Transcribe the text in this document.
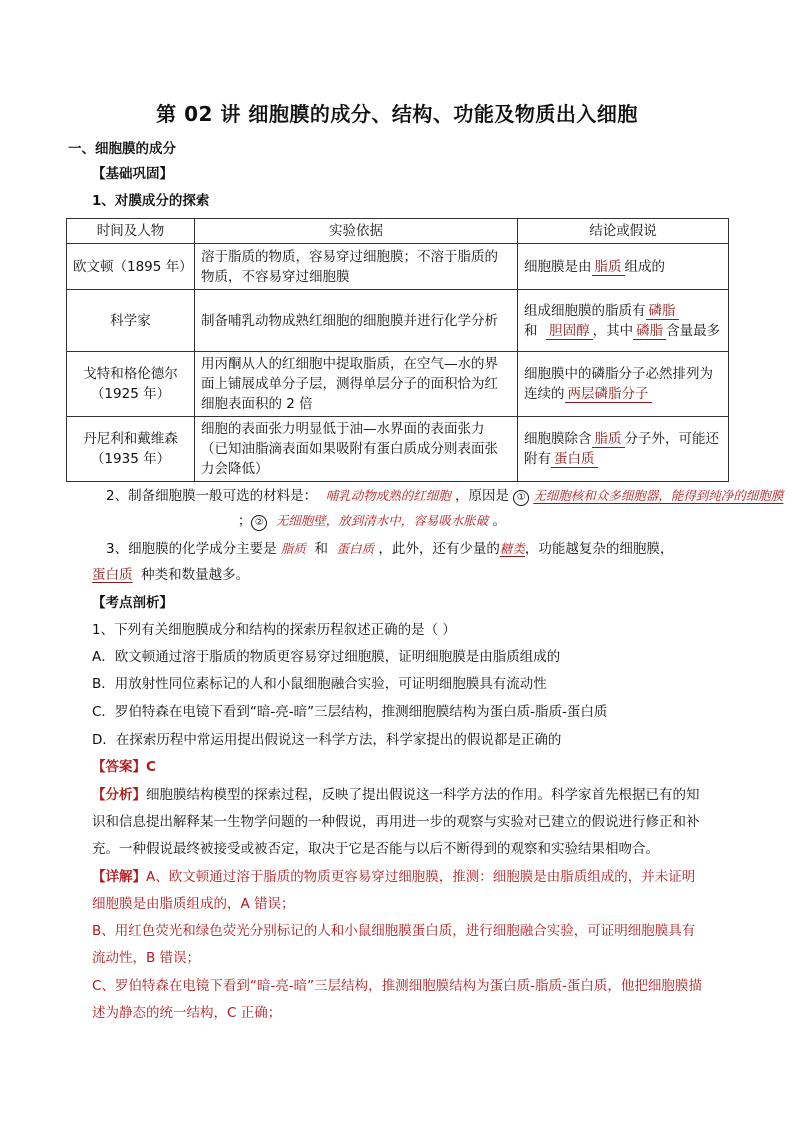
第 02 讲 细胞膜的成分、结构、功能及物质出入细胞
一、细胞膜的成分
【基础巩固】
1、对膜成分的探索
时间及人物	实验依据	结论或假说
欧文顿（1895 年）	溶于脂质的物质，容易穿过细胞膜；不溶于脂质的物质，不容易穿过细胞膜	细胞膜是由 脂质 组成的
科学家	制备哺乳动物成熟红细胞的细胞膜并进行化学分析	组成细胞膜的脂质有 磷脂
和 胆固醇 ，其中 磷脂 含量最多
戈特和格伦德尔
（1925 年）	用丙酮从人的红细胞中提取脂质，在空气—水的界面上铺展成单分子层，测得单层分子的面积恰为红细胞表面积的 2 倍	细胞膜中的磷脂分子必然排列为连续的 两层磷脂分子
丹尼利和戴维森
（1935 年）	细胞的表面张力明显低于油—水界面的表面张力（已知油脂滴表面如果吸附有蛋白质成分则表面张力会降低）	细胞膜除含 脂质 分子外，可能还附有 蛋白质
2、制备细胞膜一般可选的材料是： 哺乳动物成熟的红细胞 ，原因是 ① 无细胞核和众多细胞器，能得到纯净的细胞膜
； ② 无细胞壁，放到清水中，容易吸水胀破 。
3、细胞膜的化学成分主要是 脂质 和 蛋白质 ，此外，还有少量的糖类，功能越复杂的细胞膜，
蛋白质 种类和数量越多。
【考点剖析】
1、下列有关细胞膜成分和结构的探索历程叙述正确的是（ ）
A．欧文顿通过溶于脂质的物质更容易穿过细胞膜，证明细胞膜是由脂质组成的
B．用放射性同位素标记的人和小鼠细胞融合实验，可证明细胞膜具有流动性
C．罗伯特森在电镜下看到“暗-亮-暗”三层结构，推测细胞膜结构为蛋白质-脂质-蛋白质
D．在探索历程中常运用提出假说这一科学方法，科学家提出的假说都是正确的
【答案】C
【分析】细胞膜结构模型的探索过程，反映了提出假说这一科学方法的作用。科学家首先根据已有的知
识和信息提出解释某一生物学问题的一种假说，再用进一步的观察与实验对已建立的假说进行修正和补
充。一种假说最终被接受或被否定，取决于它是否能与以后不断得到的观察和实验结果相吻合。
【详解】A、欧文顿通过溶于脂质的物质更容易穿过细胞膜，推测：细胞膜是由脂质组成的，并未证明
细胞膜是由脂质组成的，A 错误；
B、用红色荧光和绿色荧光分别标记的人和小鼠细胞膜蛋白质，进行细胞融合实验，可证明细胞膜具有
流动性，B 错误；
C、罗伯特森在电镜下看到“暗-亮-暗”三层结构，推测细胞膜结构为蛋白质-脂质-蛋白质，他把细胞膜描
述为静态的统一结构，C 正确；
